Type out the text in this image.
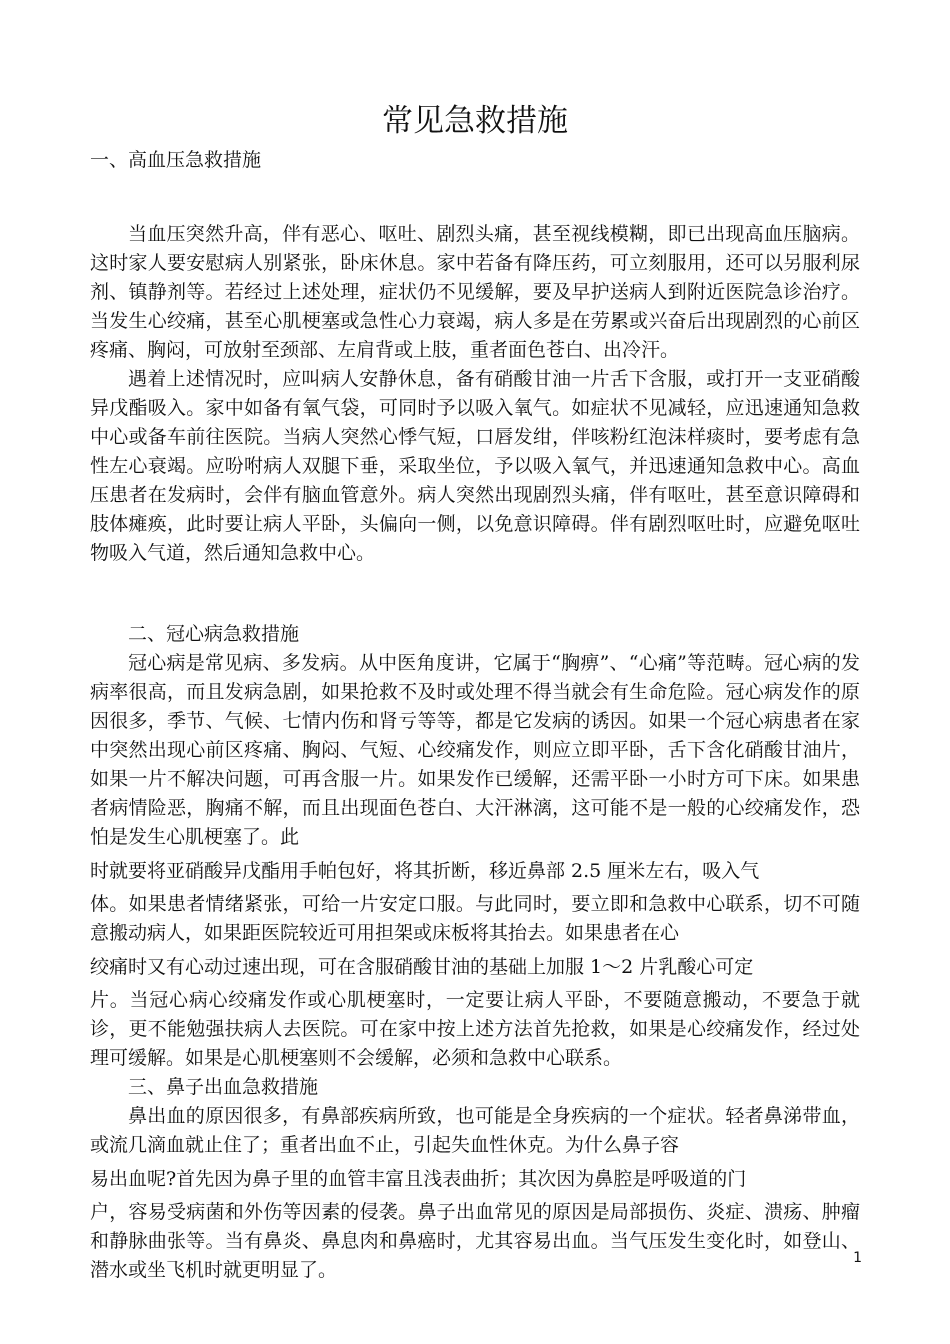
常见急救措施
一、高血压急救措施

当血压突然升高，伴有恶心、呕吐、剧烈头痛，甚至视线模糊，即已出现高血压脑病。这时家人要安慰病人别紧张，卧床休息。家中若备有降压药，可立刻服用，还可以另服利尿剂、镇静剂等。若经过上述处理，症状仍不见缓解，要及早护送病人到附近医院急诊治疗。当发生心绞痛，甚至心肌梗塞或急性心力衰竭，病人多是在劳累或兴奋后出现剧烈的心前区疼痛、胸闷，可放射至颈部、左肩背或上肢，重者面色苍白、出冷汗。

遇着上述情况时，应叫病人安静休息，备有硝酸甘油一片舌下含服，或打开一支亚硝酸异戊酯吸入。家中如备有氧气袋，可同时予以吸入氧气。如症状不见减轻，应迅速通知急救中心或备车前往医院。当病人突然心悸气短，口唇发绀，伴咳粉红泡沫样痰时，要考虑有急性左心衰竭。应吩咐病人双腿下垂，采取坐位，予以吸入氧气，并迅速通知急救中心。高血压患者在发病时，会伴有脑血管意外。病人突然出现剧烈头痛，伴有呕吐，甚至意识障碍和肢体瘫痪，此时要让病人平卧，头偏向一侧，以免意识障碍。伴有剧烈呕吐时，应避免呕吐物吸入气道，然后通知急救中心。

二、冠心病急救措施

冠心病是常见病、多发病。从中医角度讲，它属于“胸痹”、“心痛”等范畴。冠心病的发病率很高，而且发病急剧，如果抢救不及时或处理不得当就会有生命危险。冠心病发作的原因很多，季节、气候、七情内伤和肾亏等等，都是它发病的诱因。如果一个冠心病患者在家中突然出现心前区疼痛、胸闷、气短、心绞痛发作，则应立即平卧，舌下含化硝酸甘油片，如果一片不解决问题，可再含服一片。如果发作已缓解，还需平卧一小时方可下床。如果患者病情险恶，胸痛不解，而且出现面色苍白、大汗淋漓，这可能不是一般的心绞痛发作，恐怕是发生心肌梗塞了。此

时就要将亚硝酸异戊酯用手帕包好，将其折断，移近鼻部 2.5 厘米左右，吸入气

体。如果患者情绪紧张，可给一片安定口服。与此同时，要立即和急救中心联系，切不可随意搬动病人，如果距医院较近可用担架或床板将其抬去。如果患者在心

绞痛时又有心动过速出现，可在含服硝酸甘油的基础上加服 1～2 片乳酸心可定

片。当冠心病心绞痛发作或心肌梗塞时，一定要让病人平卧，不要随意搬动，不要急于就诊，更不能勉强扶病人去医院。可在家中按上述方法首先抢救，如果是心绞痛发作，经过处理可缓解。如果是心肌梗塞则不会缓解，必须和急救中心联系。

三、鼻子出血急救措施

鼻出血的原因很多，有鼻部疾病所致，也可能是全身疾病的一个症状。轻者鼻涕带血，或流几滴血就止住了；重者出血不止，引起失血性休克。为什么鼻子容

易出血呢?首先因为鼻子里的血管丰富且浅表曲折；其次因为鼻腔是呼吸道的门

户，容易受病菌和外伤等因素的侵袭。鼻子出血常见的原因是局部损伤、炎症、溃疡、肿瘤和静脉曲张等。当有鼻炎、鼻息肉和鼻癌时，尤其容易出血。当气压发生变化时，如登山、潜水或坐飞机时就更明显了。

1
